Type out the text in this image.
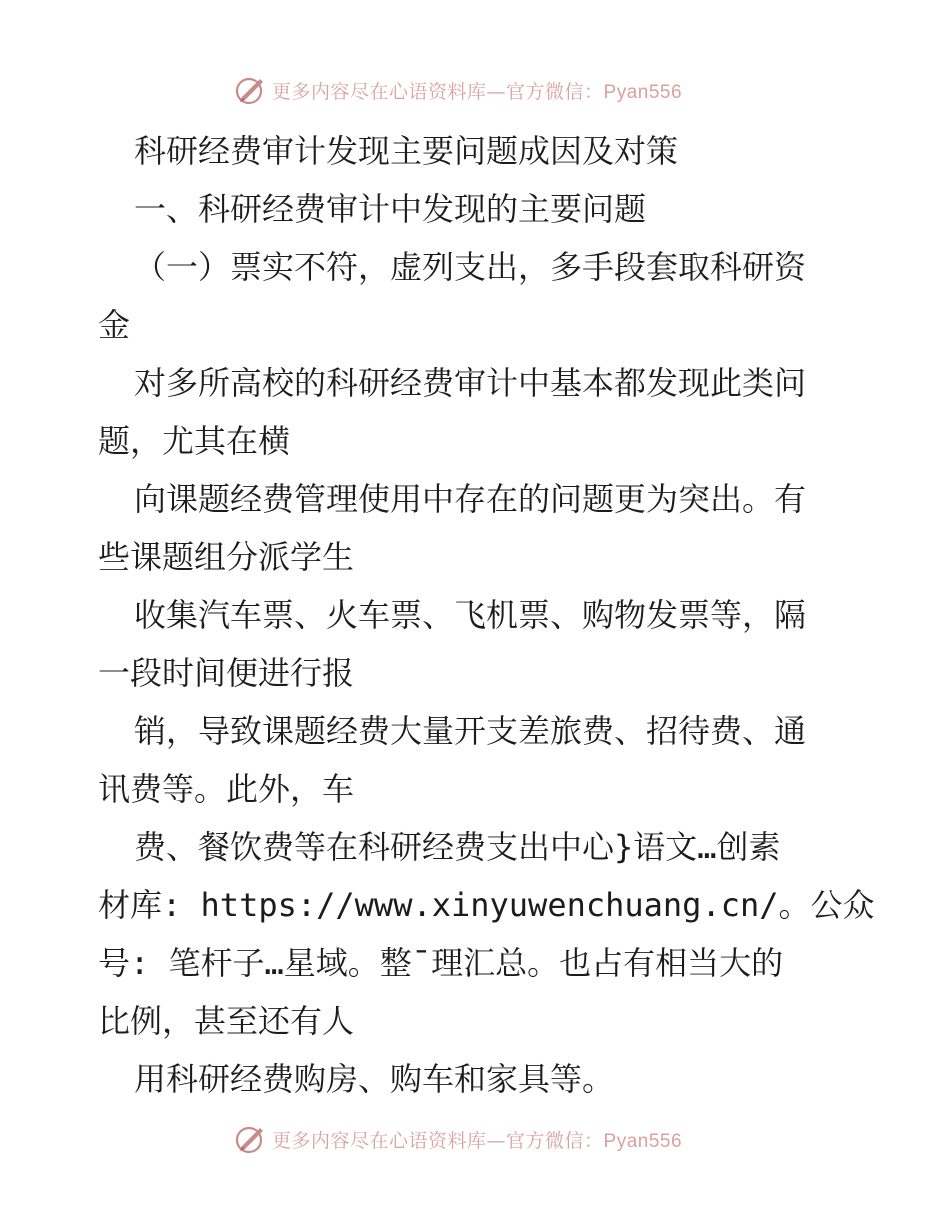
更多内容尽在心语资料库—官方微信：Pyan556
科研经费审计发现主要问题成因及对策
一、科研经费审计中发现的主要问题
（一）票实不符，虚列支出，多手段套取科研资
金
对多所高校的科研经费审计中基本都发现此类问
题，尤其在横
向课题经费管理使用中存在的问题更为突出。有
些课题组分派学生
收集汽车票、火车票、飞机票、购物发票等，隔
一段时间便进行报
销，导致课题经费大量开支差旅费、招待费、通
讯费等。此外，车
费、餐饮费等在科研经费支出中心}语文…创素
材库: https://www.xinyuwenchuang.cn/。公众
号: 笔杆子…星域。整¯理汇总。也占有相当大的
比例，甚至还有人
用科研经费购房、购车和家具等。
更多内容尽在心语资料库—官方微信：Pyan556
